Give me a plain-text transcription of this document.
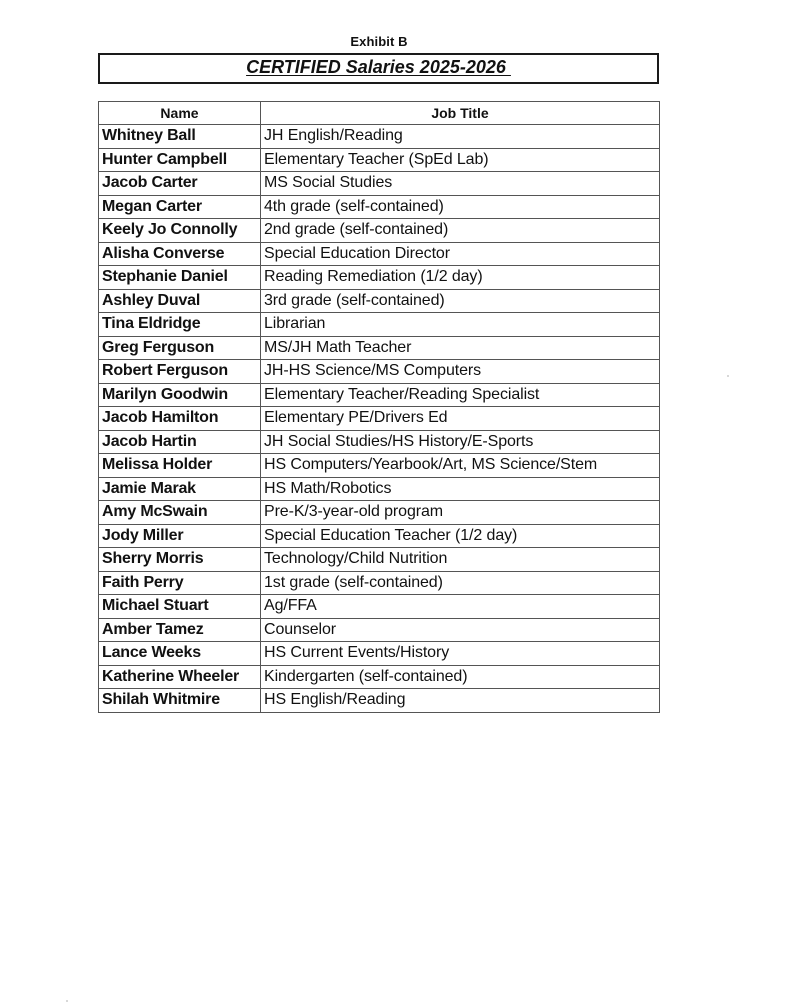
Exhibit B
CERTIFIED Salaries 2025-2026
Name	Job Title
Whitney Ball	JH English/Reading
Hunter Campbell	Elementary Teacher (SpEd Lab)
Jacob Carter	MS Social Studies
Megan Carter	4th grade (self-contained)
Keely Jo Connolly	2nd grade (self-contained)
Alisha Converse	Special Education Director
Stephanie Daniel	Reading Remediation (1/2 day)
Ashley Duval	3rd grade (self-contained)
Tina Eldridge	Librarian
Greg Ferguson	MS/JH Math Teacher
Robert Ferguson	JH-HS Science/MS Computers
Marilyn Goodwin	Elementary Teacher/Reading Specialist
Jacob Hamilton	Elementary PE/Drivers Ed
Jacob Hartin	JH Social Studies/HS History/E-Sports
Melissa Holder	HS Computers/Yearbook/Art, MS Science/Stem
Jamie Marak	HS Math/Robotics
Amy McSwain	Pre-K/3-year-old program
Jody Miller	Special Education Teacher (1/2 day)
Sherry Morris	Technology/Child Nutrition
Faith Perry	1st grade (self-contained)
Michael Stuart	Ag/FFA
Amber Tamez	Counselor
Lance Weeks	HS Current Events/History
Katherine Wheeler	Kindergarten (self-contained)
Shilah Whitmire	HS English/Reading
